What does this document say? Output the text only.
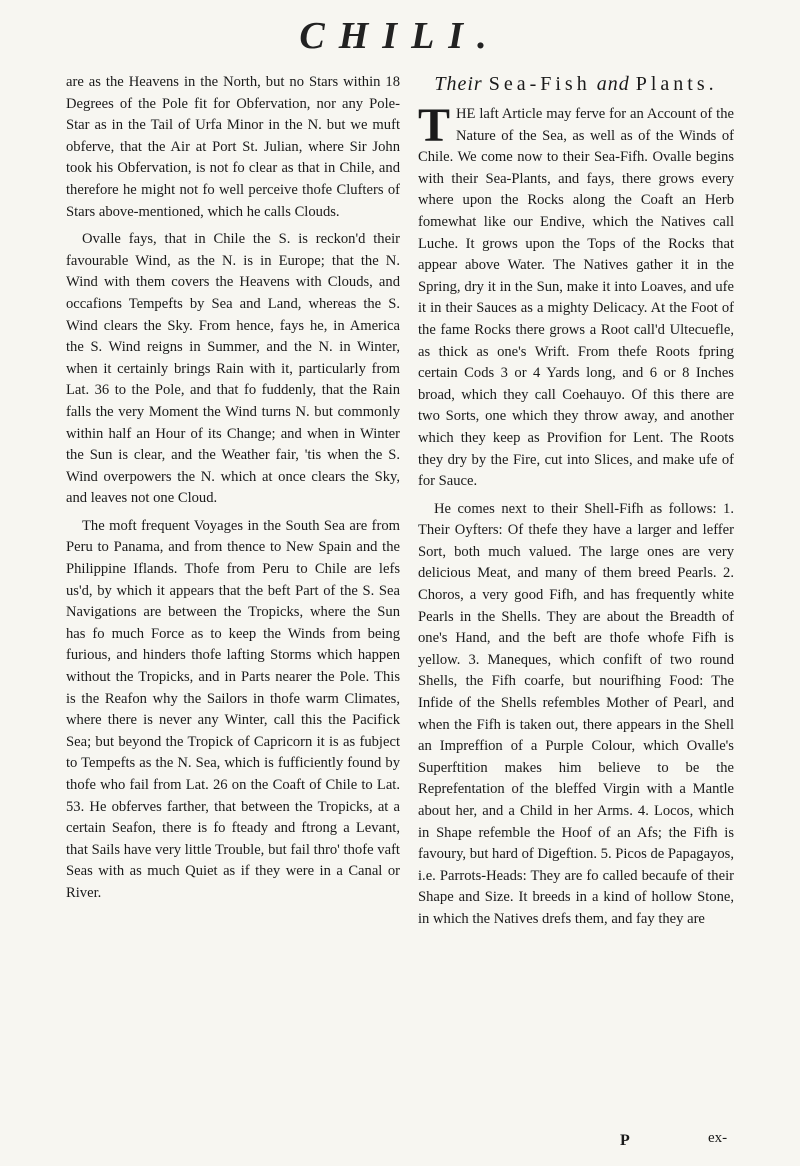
CHILI.

are as the Heavens in the North, but no Stars within 18 Degrees of the Pole fit for Obfervation, nor any Pole-Star as in the Tail of Urfa Minor in the N. but we muft obferve, that the Air at Port St. Julian, where Sir John took his Obfervation, is not fo clear as that in Chile, and therefore he might not fo well perceive thofe Clufters of Stars above-mentioned, which he calls Clouds.

Ovalle fays, that in Chile the S. is reckon'd their favourable Wind, as the N. is in Europe; that the N. Wind with them covers the Heavens with Clouds, and occafions Tempefts by Sea and Land, whereas the S. Wind clears the Sky. From hence, fays he, in America the S. Wind reigns in Summer, and the N. in Winter, when it certainly brings Rain with it, particularly from Lat. 36 to the Pole, and that fo fuddenly, that the Rain falls the very Moment the Wind turns N. but commonly within half an Hour of its Change; and when in Winter the Sun is clear, and the Weather fair, 'tis when the S. Wind overpowers the N. which at once clears the Sky, and leaves not one Cloud.

The moft frequent Voyages in the South Sea are from Peru to Panama, and from thence to New Spain and the Philippine Iflands. Thofe from Peru to Chile are lefs us'd, by which it appears that the beft Part of the S. Sea Navigations are between the Tropicks, where the Sun has fo much Force as to keep the Winds from being furious, and hinders thofe lafting Storms which happen without the Tropicks, and in Parts nearer the Pole. This is the Reafon why the Sailors in thofe warm Climates, where there is never any Winter, call this the Pacifick Sea; but beyond the Tropick of Capricorn it is as fubject to Tempefts as the N. Sea, which is fufficiently found by thofe who fail from Lat. 26 on the Coaft of Chile to Lat. 53. He obferves farther, that between the Tropicks, at a certain Seafon, there is fo fteady and ftrong a Levant, that Sails have very little Trouble, but fail thro' thofe vaft Seas with as much Quiet as if they were in a Canal or River.

Their Sea-Fish and Plants.

THE laft Article may ferve for an Account of the Nature of the Sea, as well as of the Winds of Chile. We come now to their Sea-Fifh. Ovalle begins with their Sea-Plants, and fays, there grows every where upon the Rocks along the Coaft an Herb fomewhat like our Endive, which the Natives call Luche. It grows upon the Tops of the Rocks that appear above Water. The Natives gather it in the Spring, dry it in the Sun, make it into Loaves, and ufe it in their Sauces as a mighty Delicacy. At the Foot of the fame Rocks there grows a Root call'd Ultecuefle, as thick as one's Wrift. From thefe Roots fpring certain Cods 3 or 4 Yards long, and 6 or 8 Inches broad, which they call Coehauyo. Of this there are two Sorts, one which they throw away, and another which they keep as Provifion for Lent. The Roots they dry by the Fire, cut into Slices, and make ufe of for Sauce.

He comes next to their Shell-Fifh as follows: 1. Their Oyfters: Of thefe they have a larger and leffer Sort, both much valued. The large ones are very delicious Meat, and many of them breed Pearls. 2. Choros, a very good Fifh, and has frequently white Pearls in the Shells. They are about the Breadth of one's Hand, and the beft are thofe whofe Fifh is yellow. 3. Maneques, which confift of two round Shells, the Fifh coarfe, but nourifhing Food: The Infide of the Shells refembles Mother of Pearl, and when the Fifh is taken out, there appears in the Shell an Impreffion of a Purple Colour, which Ovalle's Superftition makes him believe to be the Reprefentation of the bleffed Virgin with a Mantle about her, and a Child in her Arms. 4. Locos, which in Shape refemble the Hoof of an Afs; the Fifh is favoury, but hard of Digeftion. 5. Picos de Papagayos, i.e. Parrots-Heads: They are fo called becaufe of their Shape and Size. It breeds in a kind of hollow Stone, in which the Natives drefs them, and fay they are

P	ex-
